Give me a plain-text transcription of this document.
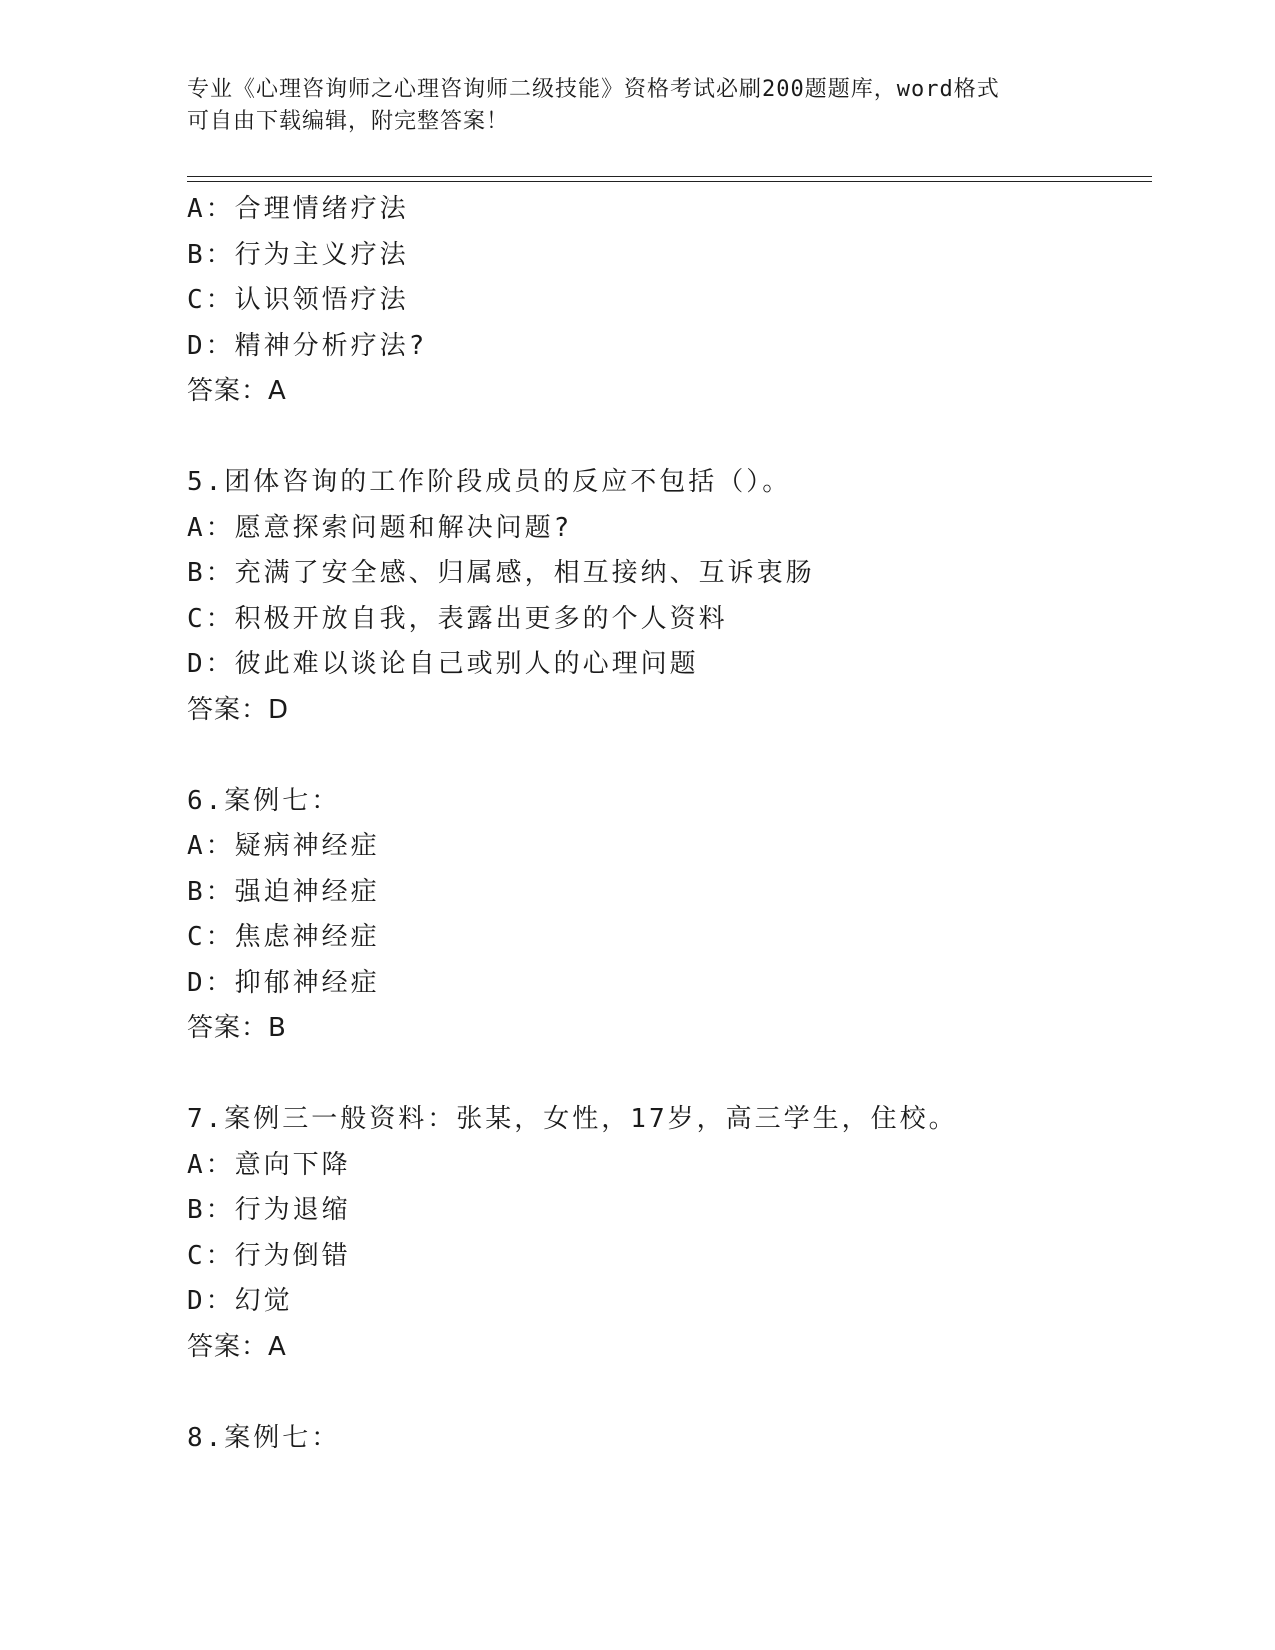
专业《心理咨询师之心理咨询师二级技能》资格考试必刷200题题库，word格式
可自由下载编辑，附完整答案！
A：合理情绪疗法
B：行为主义疗法
C：认识领悟疗法
D：精神分析疗法?
答案：A
5.团体咨询的工作阶段成员的反应不包括（）。
A：愿意探索问题和解决问题?
B：充满了安全感、归属感，相互接纳、互诉衷肠
C：积极开放自我，表露出更多的个人资料
D：彼此难以谈论自己或别人的心理问题
答案：D
6.案例七：
A：疑病神经症
B：强迫神经症
C：焦虑神经症
D：抑郁神经症
答案：B
7.案例三一般资料：张某，女性，17岁，高三学生，住校。
A：意向下降
B：行为退缩
C：行为倒错
D：幻觉
答案：A
8.案例七：
